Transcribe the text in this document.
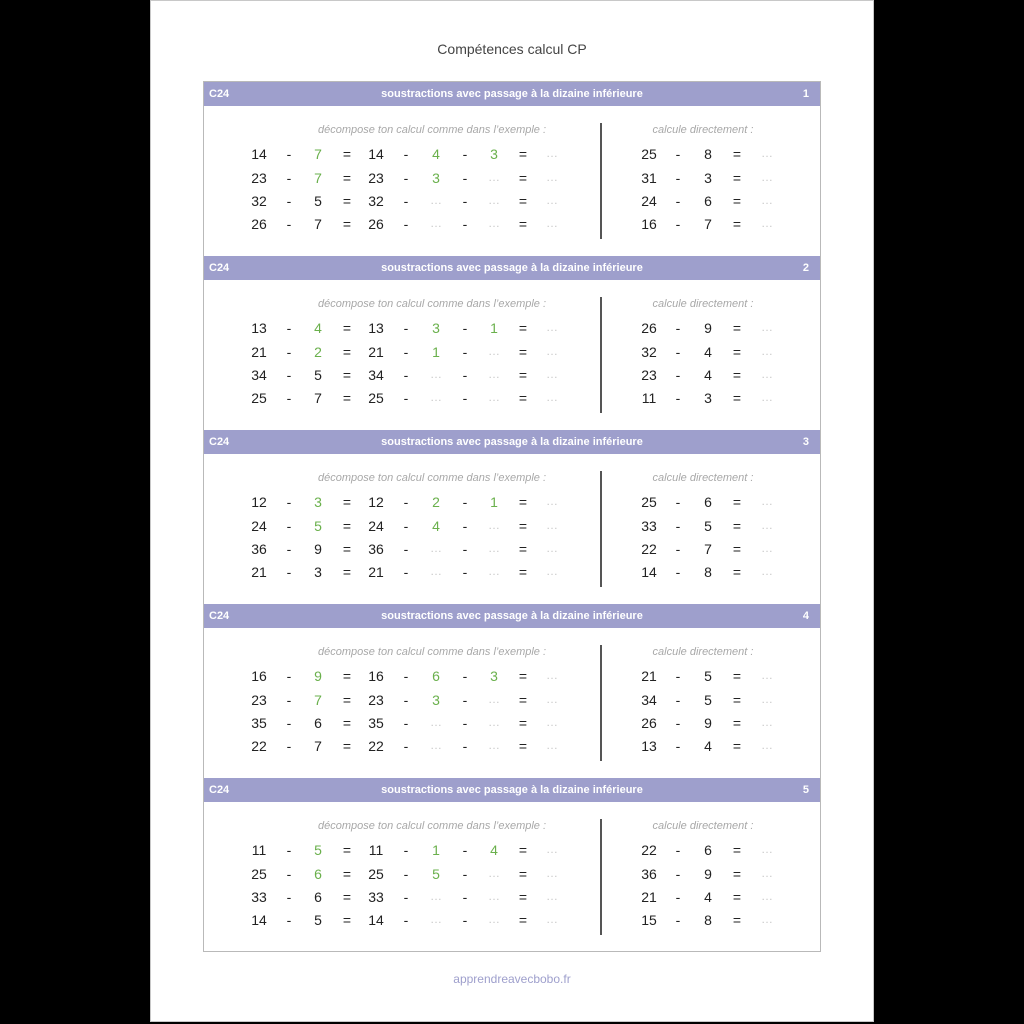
Compétences calcul CP
C24	soustractions avec passage à la dizaine inférieure	1
décompose ton calcul comme dans l’exemple :	calcule directement :
14	-	7	=	14	-	4	-	3	=	…
23	-	7	=	23	-	3	-	…	=	…
32	-	5	=	32	-	…	-	…	=	…
26	-	7	=	26	-	…	-	…	=	…
25	-	8	=	…
31	-	3	=	…
24	-	6	=	…
16	-	7	=	…
C24	soustractions avec passage à la dizaine inférieure	2
décompose ton calcul comme dans l’exemple :	calcule directement :
13	-	4	=	13	-	3	-	1	=	…
21	-	2	=	21	-	1	-	…	=	…
34	-	5	=	34	-	…	-	…	=	…
25	-	7	=	25	-	…	-	…	=	…
26	-	9	=	…
32	-	4	=	…
23	-	4	=	…
11	-	3	=	…
C24	soustractions avec passage à la dizaine inférieure	3
décompose ton calcul comme dans l’exemple :	calcule directement :
12	-	3	=	12	-	2	-	1	=	…
24	-	5	=	24	-	4	-	…	=	…
36	-	9	=	36	-	…	-	…	=	…
21	-	3	=	21	-	…	-	…	=	…
25	-	6	=	…
33	-	5	=	…
22	-	7	=	…
14	-	8	=	…
C24	soustractions avec passage à la dizaine inférieure	4
décompose ton calcul comme dans l’exemple :	calcule directement :
16	-	9	=	16	-	6	-	3	=	…
23	-	7	=	23	-	3	-	…	=	…
35	-	6	=	35	-	…	-	…	=	…
22	-	7	=	22	-	…	-	…	=	…
21	-	5	=	…
34	-	5	=	…
26	-	9	=	…
13	-	4	=	…
C24	soustractions avec passage à la dizaine inférieure	5
décompose ton calcul comme dans l’exemple :	calcule directement :
11	-	5	=	11	-	1	-	4	=	…
25	-	6	=	25	-	5	-	…	=	…
33	-	6	=	33	-	…	-	…	=	…
14	-	5	=	14	-	…	-	…	=	…
22	-	6	=	…
36	-	9	=	…
21	-	4	=	…
15	-	8	=	…
apprendreavecbobo.fr
